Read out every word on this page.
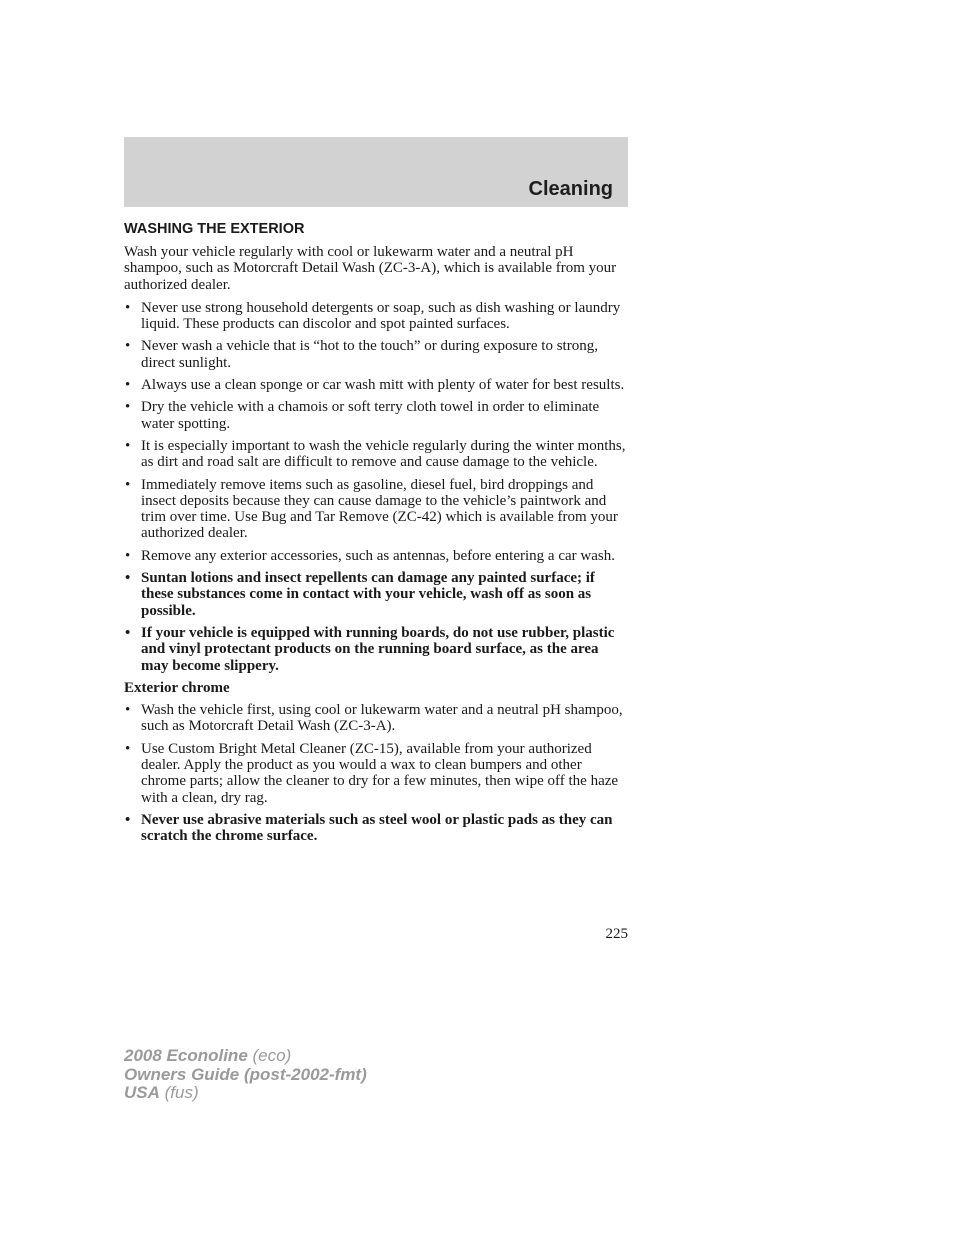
Cleaning
WASHING THE EXTERIOR

Wash your vehicle regularly with cool or lukewarm water and a neutral pH shampoo, such as Motorcraft Detail Wash (ZC-3-A), which is available from your authorized dealer.

• Never use strong household detergents or soap, such as dish washing or laundry liquid. These products can discolor and spot painted surfaces.
• Never wash a vehicle that is “hot to the touch” or during exposure to strong, direct sunlight.
• Always use a clean sponge or car wash mitt with plenty of water for best results.
• Dry the vehicle with a chamois or soft terry cloth towel in order to eliminate water spotting.
• It is especially important to wash the vehicle regularly during the winter months, as dirt and road salt are difficult to remove and cause damage to the vehicle.
• Immediately remove items such as gasoline, diesel fuel, bird droppings and insect deposits because they can cause damage to the vehicle’s paintwork and trim over time. Use Bug and Tar Remove (ZC-42) which is available from your authorized dealer.
• Remove any exterior accessories, such as antennas, before entering a car wash.
• Suntan lotions and insect repellents can damage any painted surface; if these substances come in contact with your vehicle, wash off as soon as possible.
• If your vehicle is equipped with running boards, do not use rubber, plastic and vinyl protectant products on the running board surface, as the area may become slippery.
Exterior chrome
• Wash the vehicle first, using cool or lukewarm water and a neutral pH shampoo, such as Motorcraft Detail Wash (ZC-3-A).
• Use Custom Bright Metal Cleaner (ZC-15), available from your authorized dealer. Apply the product as you would a wax to clean bumpers and other chrome parts; allow the cleaner to dry for a few minutes, then wipe off the haze with a clean, dry rag.
• Never use abrasive materials such as steel wool or plastic pads as they can scratch the chrome surface.
225
2008 Econoline (eco)
Owners Guide (post-2002-fmt)
USA (fus)
